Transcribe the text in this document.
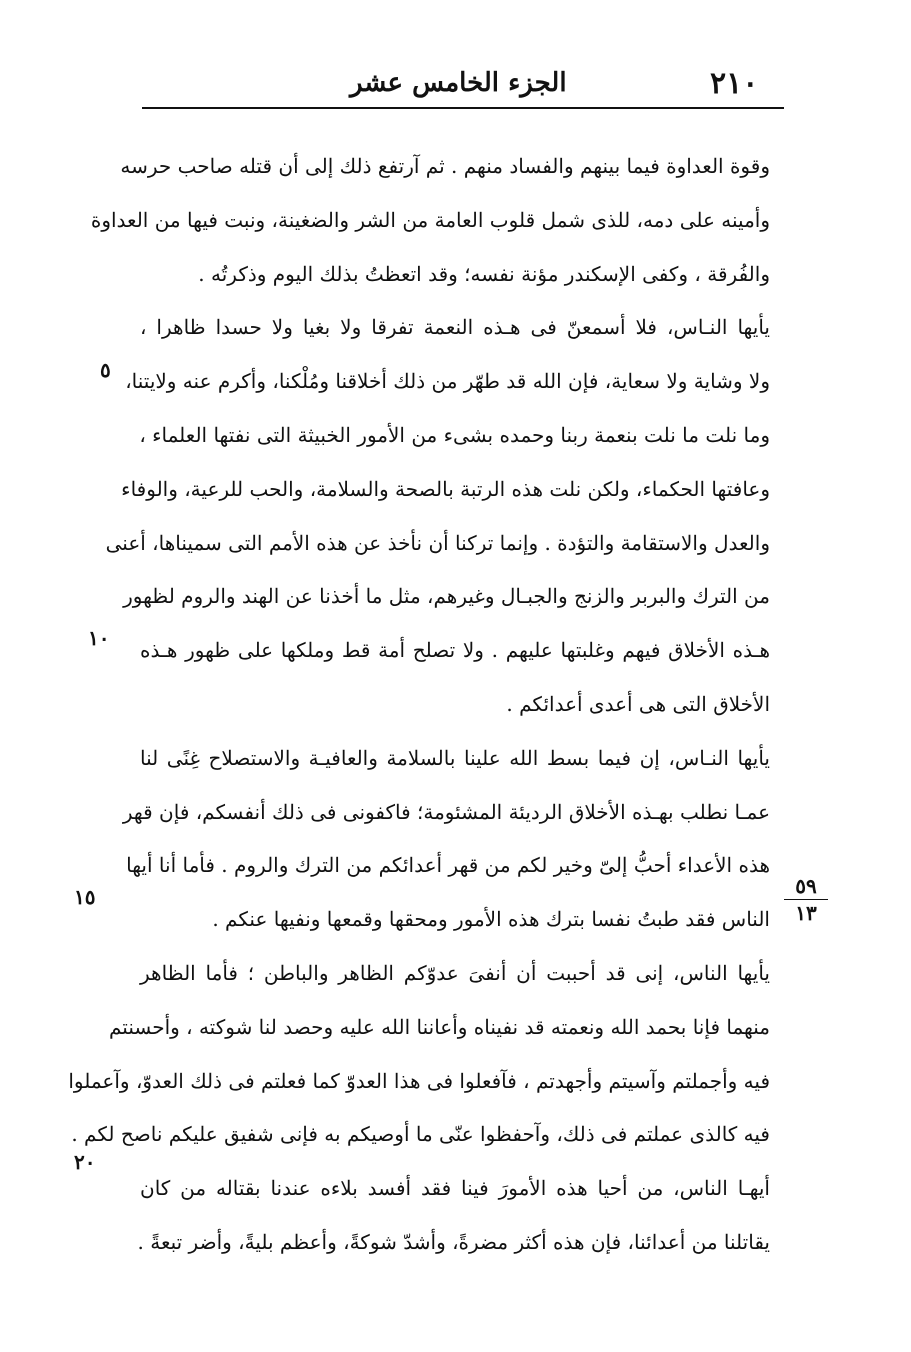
٢١٠
الجزء الخامس عشر
وقوة العداوة فيما بينهم والفساد منهم . ثم آرتفع ذلك إلى أن قتله صاحب حرسه
وأمينه على دمه، للذى شمل قلوب العامة من الشر والضغينة، ونبت فيها من العداوة
والفُرقة ، وكفى الإسكندر مؤنة نفسه؛ وقد اتعظتُ بذلك اليوم وذكرتُه .
يأيها النـاس، فلا أسمعنّ فى هـذه النعمة تفرقا ولا بغيا ولا حسدا ظاهرا ،
ولا وشاية ولا سعاية، فإن الله قد طهّر من ذلك أخلاقنا ومُلْكنا، وأكرم عنه ولايتنا،
وما نلت ما نلت بنعمة ربنا وحمده بشىء من الأمور الخبيثة التى نفتها العلماء ،
وعافتها الحكماء، ولكن نلت هذه الرتبة بالصحة والسلامة، والحب للرعية، والوفاء
والعدل والاستقامة والتؤدة . وإنما تركنا أن نأخذ عن هذه الأمم التى سميناها، أعنى
من الترك والبربر والزنج والجبـال وغيرهم، مثل ما أخذنا عن الهند والروم لظهور
هـذه الأخلاق فيهم وغلبتها عليهم . ولا تصلح أمة قط وملكها على ظهور هـذه
الأخلاق التى هى أعدى أعدائكم .
يأيها النـاس، إن فيما بسط الله علينا بالسلامة والعافيـة والاستصلاح غِنًى لنا
عمـا نطلب بهـذه الأخلاق الرديئة المشئومة؛ فاكفونى فى ذلك أنفسكم، فإن قهر
هذه الأعداء أحبُّ إلىّ وخير لكم من قهر أعدائكم من الترك والروم . فأما أنا أيها
الناس فقد طبتُ نفسا بترك هذه الأمور ومحقها وقمعها ونفيها عنكم .
يأيها الناس، إنى قد أحببت أن أنفىَ عدوّكم الظاهر والباطن ؛ فأما الظاهر
منهما فإنا بحمد الله ونعمته قد نفيناه وأعاننا الله عليه وحصد لنا شوكته ، وأحسنتم
فيه وأجملتم وآسيتم وأجهدتم ، فآفعلوا فى هذا العدوّ كما فعلتم فى ذلك العدوّ، وآعملوا
فيه كالذى عملتم فى ذلك، وآحفظوا عنّى ما أوصيكم به فإنى شفيق عليكم ناصح لكم .
أيهـا الناس، من أحيا هذه الأمورَ فينا فقد أفسد بلاءه عندنا بقتاله من كان
يقاتلنا من أعدائنا، فإن هذه أكثر مضرةً، وأشدّ شوكةً، وأعظم بليةً، وأضر تبعةً .
٥
١٠
١٥
٢٠
٥٩
١٣
